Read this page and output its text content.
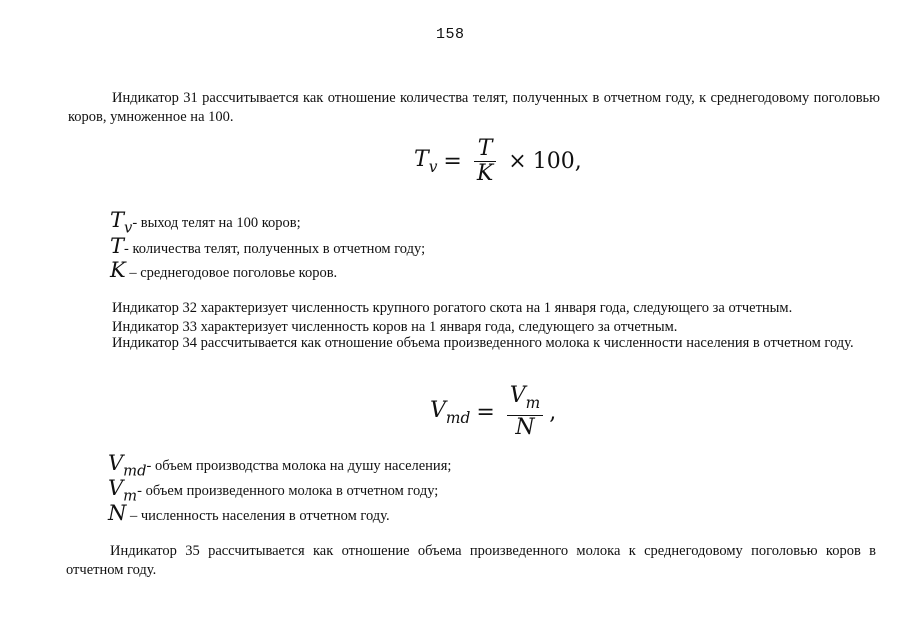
158

Индикатор 31 рассчитывается как отношение количества телят, полученных в отчетном году, к среднегодовому поголовью коров, умноженное на 100.

$T_v = \frac{T}{K} \times 100$ ,
$T_v-$ выход телят на 100 коров;
T- количества телят, полученных в отчетном году;
K – среднегодовое поголовье коров.

Индикатор 32 характеризует численность крупного рогатого скота на 1 января года, следующего за отчетным.

Индикатор 33 характеризует численность коров на 1 января года, следующего за отчетным.

Индикатор 34 рассчитывается как отношение объема произведенного молока к численности населения в отчетном году.

$V_{md} = \frac{V_m}{N}$ ,
$V_{md}-$ объем производства молока на душу населения;
$V_m-$ объем произведенного молока в отчетном году;
N – численность населения в отчетном году.

Индикатор 35 рассчитывается как отношение объема произведенного молока к среднегодовому поголовью коров в отчетном году.
